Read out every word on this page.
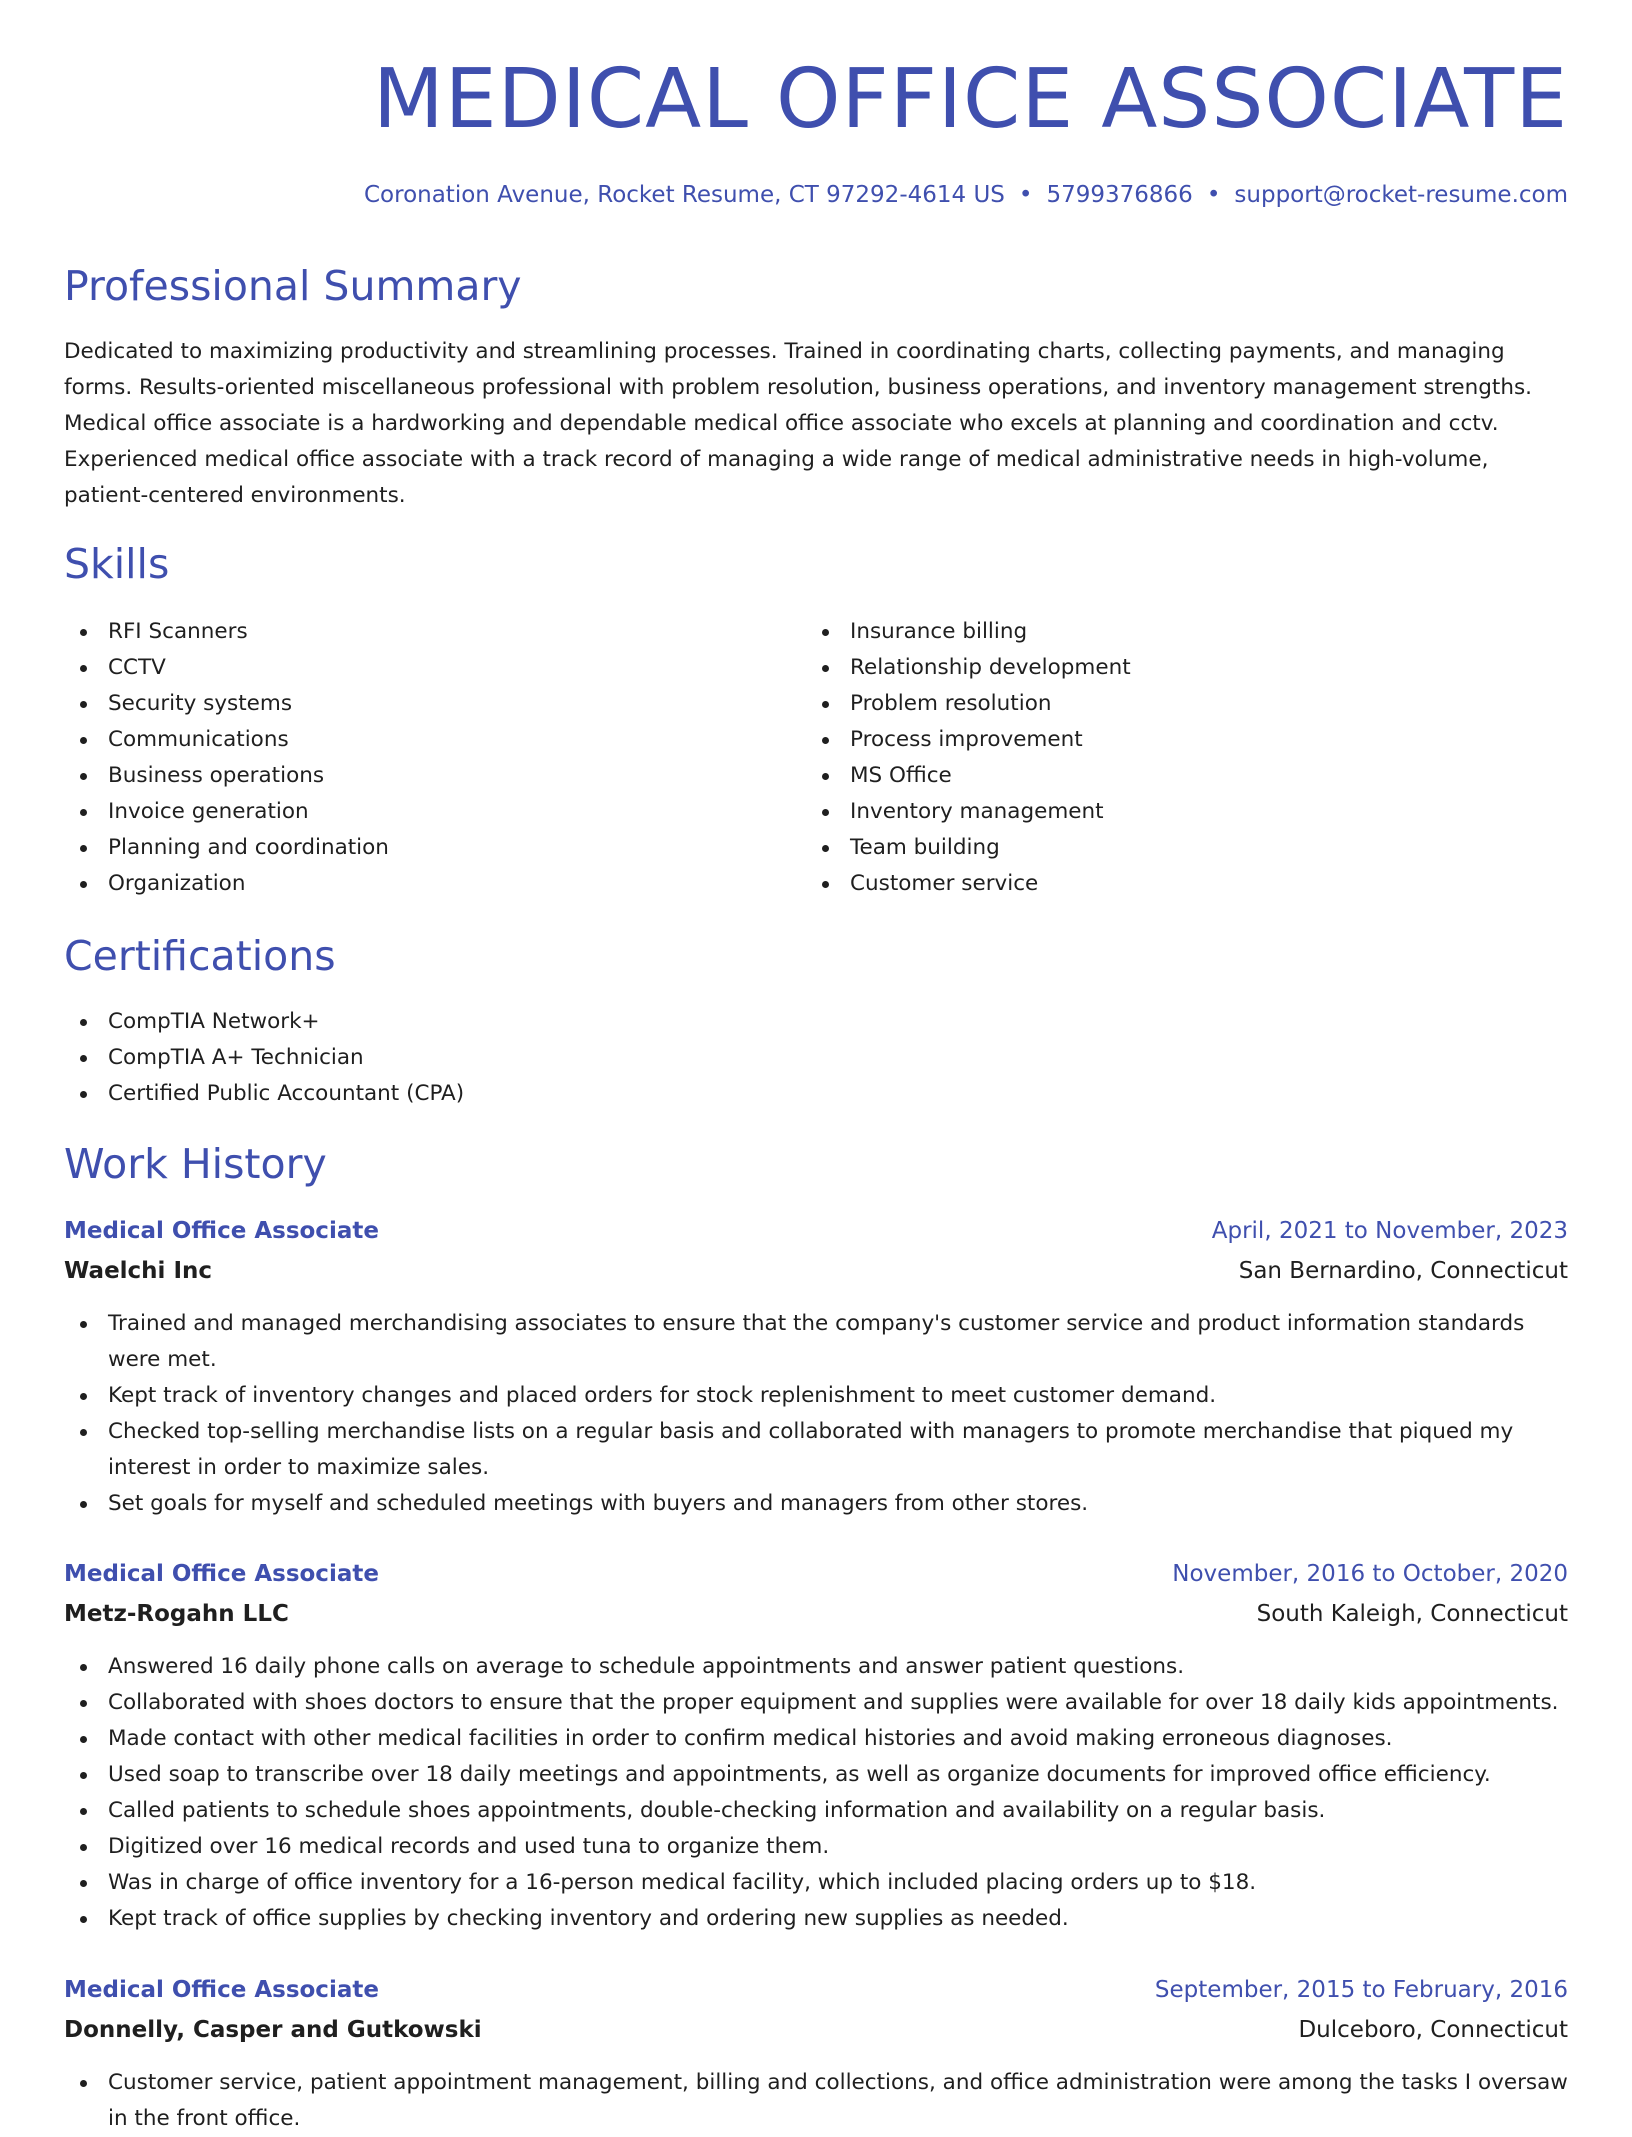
MEDICAL OFFICE ASSOCIATE
Coronation Avenue, Rocket Resume, CT 97292-4614 US • 5799376866 • support@rocket-resume.com
Professional Summary
Dedicated to maximizing productivity and streamlining processes. Trained in coordinating charts, collecting payments, and managing forms. Results-oriented miscellaneous professional with problem resolution, business operations, and inventory management strengths. Medical office associate is a hardworking and dependable medical office associate who excels at planning and coordination and cctv. Experienced medical office associate with a track record of managing a wide range of medical administrative needs in high-volume, patient-centered environments.
Skills
RFI Scanners
CCTV
Security systems
Communications
Business operations
Invoice generation
Planning and coordination
Organization
Insurance billing
Relationship development
Problem resolution
Process improvement
MS Office
Inventory management
Team building
Customer service
Certifications
CompTIA Network+
CompTIA A+ Technician
Certified Public Accountant (CPA)
Work History
Medical Office Associate	April, 2021 to November, 2023
Waelchi Inc	San Bernardino, Connecticut
Trained and managed merchandising associates to ensure that the company's customer service and product information standards were met.
Kept track of inventory changes and placed orders for stock replenishment to meet customer demand.
Checked top-selling merchandise lists on a regular basis and collaborated with managers to promote merchandise that piqued my interest in order to maximize sales.
Set goals for myself and scheduled meetings with buyers and managers from other stores.
Medical Office Associate	November, 2016 to October, 2020
Metz-Rogahn LLC	South Kaleigh, Connecticut
Answered 16 daily phone calls on average to schedule appointments and answer patient questions.
Collaborated with shoes doctors to ensure that the proper equipment and supplies were available for over 18 daily kids appointments.
Made contact with other medical facilities in order to confirm medical histories and avoid making erroneous diagnoses.
Used soap to transcribe over 18 daily meetings and appointments, as well as organize documents for improved office efficiency.
Called patients to schedule shoes appointments, double-checking information and availability on a regular basis.
Digitized over 16 medical records and used tuna to organize them.
Was in charge of office inventory for a 16-person medical facility, which included placing orders up to $18.
Kept track of office supplies by checking inventory and ordering new supplies as needed.
Medical Office Associate	September, 2015 to February, 2016
Donnelly, Casper and Gutkowski	Dulceboro, Connecticut
Customer service, patient appointment management, billing and collections, and office administration were among the tasks I oversaw in the front office.
